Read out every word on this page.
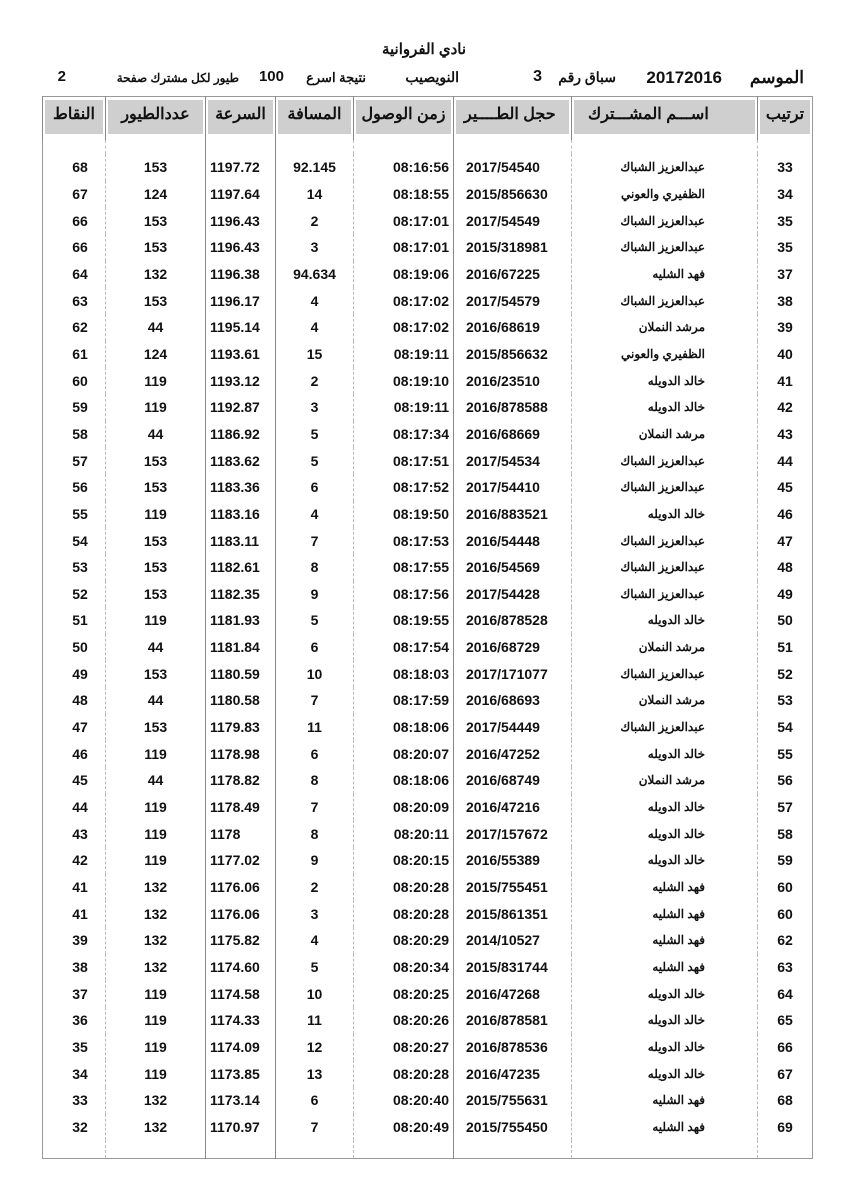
نادي الفروانية
الموسم
20172016
سباق رقم
3
النويصيب
نتيجة اسرع
100
طيور لكل مشترك صفحة
2
ترتيب	اســـم المشـــترك	حجل الطــــير	زمن الوصول	المسافة	السرعة	عددالطيور	النقاط

33	عبدالعزيز الشباك	2017/54540	08:16:56	92.145	1197.72	153	68
34	الظفيري والعوني	2015/856630	08:18:55	14	1197.64	124	67
35	عبدالعزيز الشباك	2017/54549	08:17:01	2	1196.43	153	66
35	عبدالعزيز الشباك	2015/318981	08:17:01	3	1196.43	153	66
37	فهد الشليه	2016/67225	08:19:06	94.634	1196.38	132	64
38	عبدالعزيز الشباك	2017/54579	08:17:02	4	1196.17	153	63
39	مرشد النملان	2016/68619	08:17:02	4	1195.14	44	62
40	الظفيري والعوني	2015/856632	08:19:11	15	1193.61	124	61
41	خالد الدويله	2016/23510	08:19:10	2	1193.12	119	60
42	خالد الدويله	2016/878588	08:19:11	3	1192.87	119	59
43	مرشد النملان	2016/68669	08:17:34	5	1186.92	44	58
44	عبدالعزيز الشباك	2017/54534	08:17:51	5	1183.62	153	57
45	عبدالعزيز الشباك	2017/54410	08:17:52	6	1183.36	153	56
46	خالد الدويله	2016/883521	08:19:50	4	1183.16	119	55
47	عبدالعزيز الشباك	2016/54448	08:17:53	7	1183.11	153	54
48	عبدالعزيز الشباك	2016/54569	08:17:55	8	1182.61	153	53
49	عبدالعزيز الشباك	2017/54428	08:17:56	9	1182.35	153	52
50	خالد الدويله	2016/878528	08:19:55	5	1181.93	119	51
51	مرشد النملان	2016/68729	08:17:54	6	1181.84	44	50
52	عبدالعزيز الشباك	2017/171077	08:18:03	10	1180.59	153	49
53	مرشد النملان	2016/68693	08:17:59	7	1180.58	44	48
54	عبدالعزيز الشباك	2017/54449	08:18:06	11	1179.83	153	47
55	خالد الدويله	2016/47252	08:20:07	6	1178.98	119	46
56	مرشد النملان	2016/68749	08:18:06	8	1178.82	44	45
57	خالد الدويله	2016/47216	08:20:09	7	1178.49	119	44
58	خالد الدويله	2017/157672	08:20:11	8	1178	119	43
59	خالد الدويله	2016/55389	08:20:15	9	1177.02	119	42
60	فهد الشليه	2015/755451	08:20:28	2	1176.06	132	41
60	فهد الشليه	2015/861351	08:20:28	3	1176.06	132	41
62	فهد الشليه	2014/10527	08:20:29	4	1175.82	132	39
63	فهد الشليه	2015/831744	08:20:34	5	1174.60	132	38
64	خالد الدويله	2016/47268	08:20:25	10	1174.58	119	37
65	خالد الدويله	2016/878581	08:20:26	11	1174.33	119	36
66	خالد الدويله	2016/878536	08:20:27	12	1174.09	119	35
67	خالد الدويله	2016/47235	08:20:28	13	1173.85	119	34
68	فهد الشليه	2015/755631	08:20:40	6	1173.14	132	33
69	فهد الشليه	2015/755450	08:20:49	7	1170.97	132	32
